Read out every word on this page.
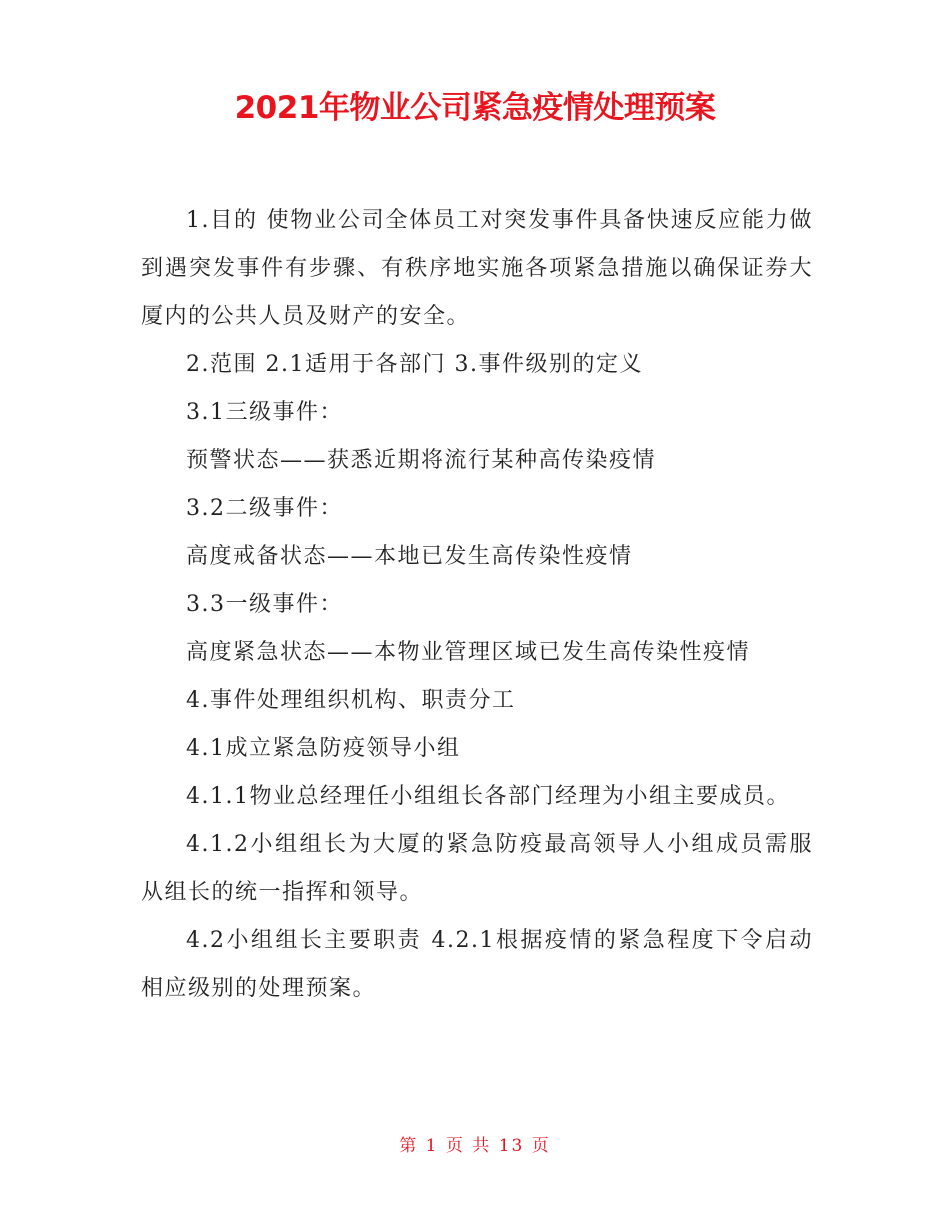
2021年物业公司紧急疫情处理预案

1.目的 使物业公司全体员工对突发事件具备快速反应能力做到遇突发事件有步骤、有秩序地实施各项紧急措施以确保证券大厦内的公共人员及财产的安全。

2.范围 2.1适用于各部门 3.事件级别的定义

3.1三级事件：

预警状态——获悉近期将流行某种高传染疫情

3.2二级事件：

高度戒备状态——本地已发生高传染性疫情

3.3一级事件：

高度紧急状态——本物业管理区域已发生高传染性疫情

4.事件处理组织机构、职责分工

4.1成立紧急防疫领导小组

4.1.1物业总经理任小组组长各部门经理为小组主要成员。

4.1.2小组组长为大厦的紧急防疫最高领导人小组成员需服从组长的统一指挥和领导。

4.2小组组长主要职责 4.2.1根据疫情的紧急程度下令启动相应级别的处理预案。

第 1 页 共 13 页
